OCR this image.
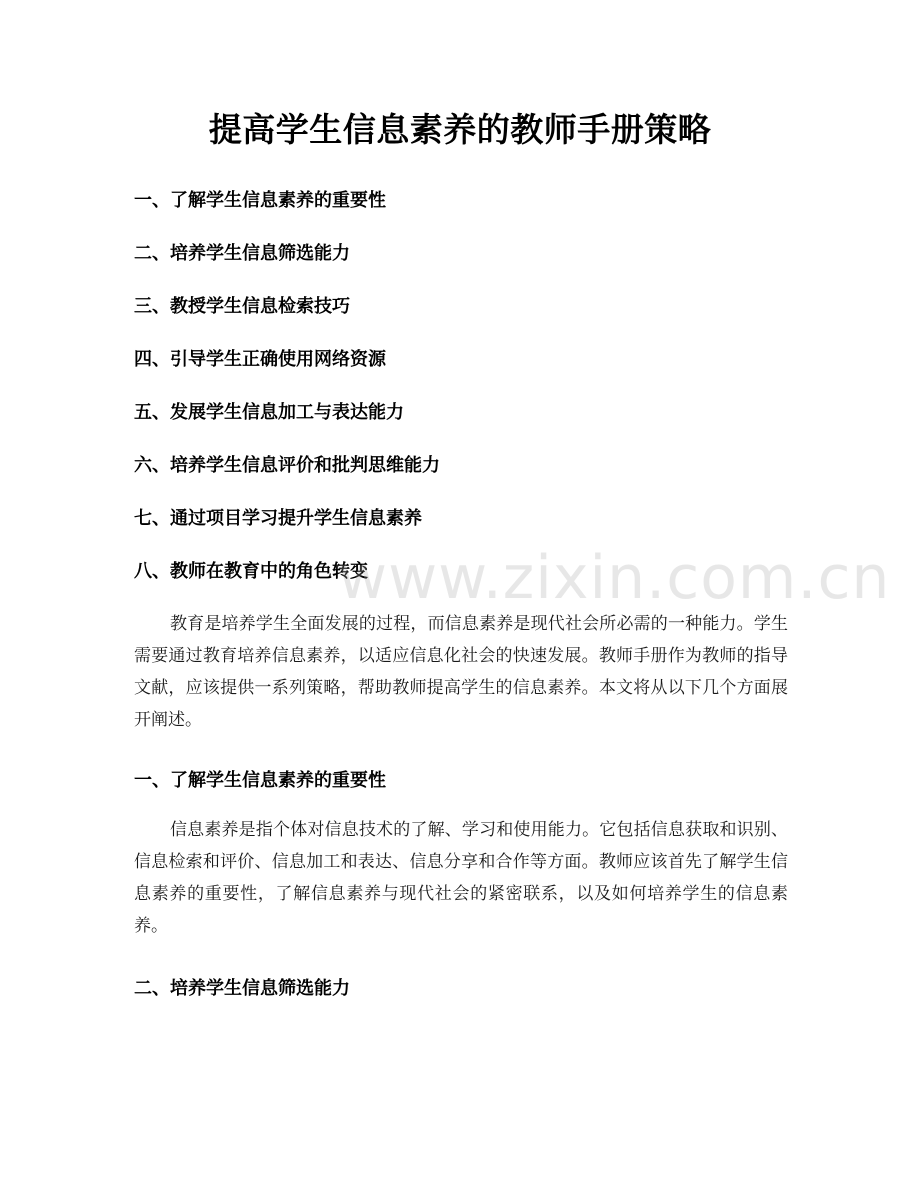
提高学生信息素养的教师手册策略
一、了解学生信息素养的重要性
二、培养学生信息筛选能力
三、教授学生信息检索技巧
四、引导学生正确使用网络资源
五、发展学生信息加工与表达能力
六、培养学生信息评价和批判思维能力
七、通过项目学习提升学生信息素养
八、教师在教育中的角色转变

教育是培养学生全面发展的过程，而信息素养是现代社会所必需的一种能力。学生需要通过教育培养信息素养，以适应信息化社会的快速发展。教师手册作为教师的指导文献，应该提供一系列策略，帮助教师提高学生的信息素养。本文将从以下几个方面展开阐述。

一、了解学生信息素养的重要性

信息素养是指个体对信息技术的了解、学习和使用能力。它包括信息获取和识别、信息检索和评价、信息加工和表达、信息分享和合作等方面。教师应该首先了解学生信息素养的重要性，了解信息素养与现代社会的紧密联系，以及如何培养学生的信息素养。

二、培养学生信息筛选能力
www.zixin.com.cn
